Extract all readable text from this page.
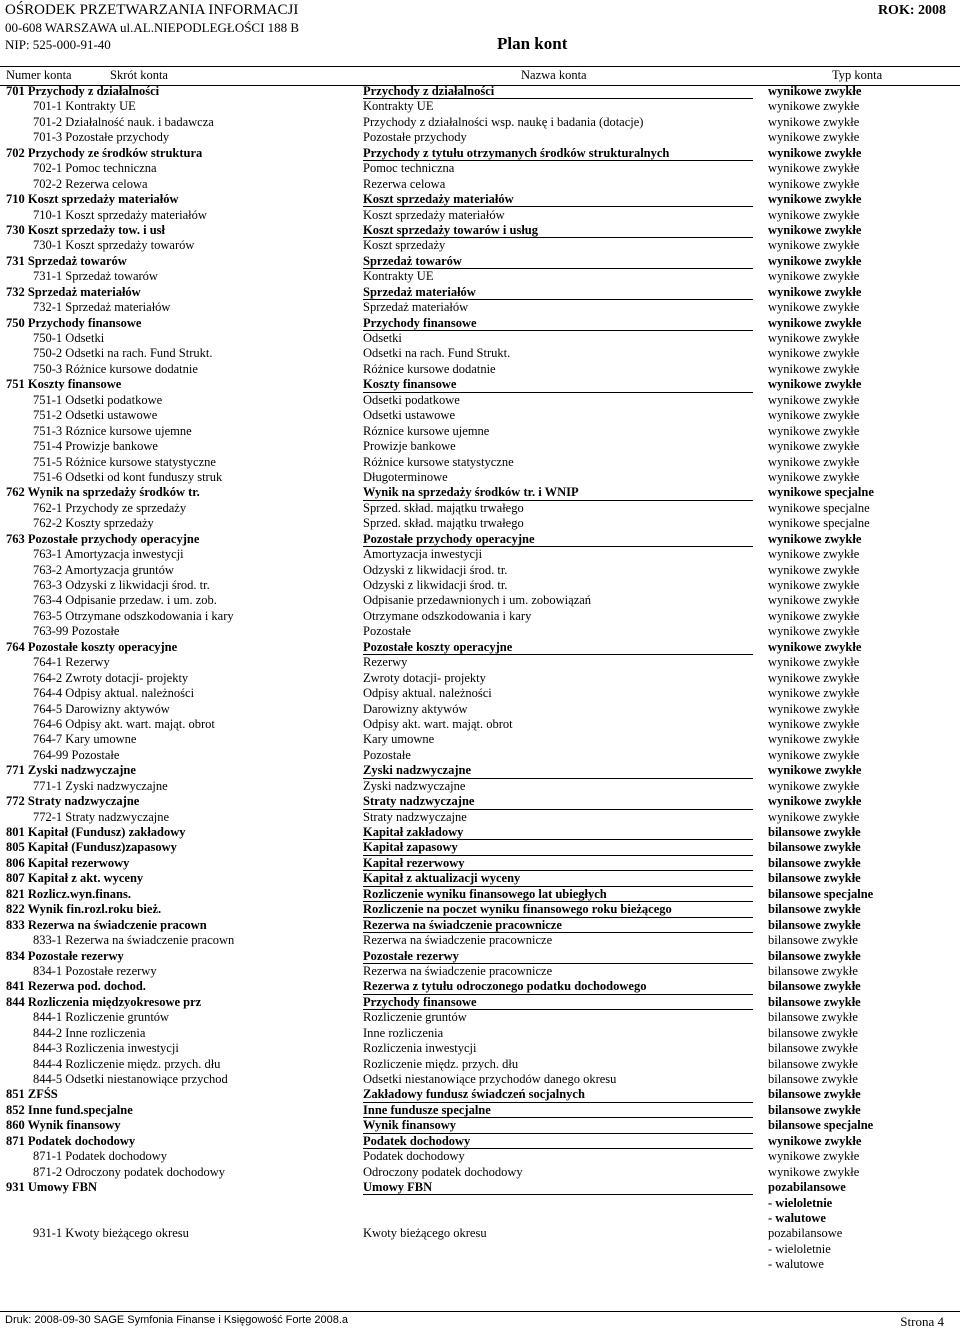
OŚRODEK PRZETWARZANIA INFORMACJI
00-608 WARSZAWA ul.AL.NIEPODLEGŁOŚCI 188 B
NIP: 525-000-91-40
ROK: 2008
Plan kont
Numer konta	Skrót konta	Nazwa konta	Typ konta
701 Przychody z działalności	Przychody z działalności	wynikowe zwykłe
701-1 Kontrakty UE	Kontrakty UE	wynikowe zwykłe
701-2 Działalność nauk. i badawcza	Przychody z działalności wsp. naukę i badania (dotacje)	wynikowe zwykłe
701-3 Pozostałe przychody	Pozostałe przychody	wynikowe zwykłe
702 Przychody ze środków struktura	Przychody z tytułu otrzymanych środków strukturalnych	wynikowe zwykłe
702-1 Pomoc techniczna	Pomoc techniczna	wynikowe zwykłe
702-2 Rezerwa celowa	Rezerwa celowa	wynikowe zwykłe
710 Koszt sprzedaży materiałów	Koszt sprzedaży materiałów	wynikowe zwykłe
710-1 Koszt sprzedaży materiałów	Koszt sprzedaży materiałów	wynikowe zwykłe
730 Koszt sprzedaży tow. i usł	Koszt sprzedaży towarów i usług	wynikowe zwykłe
730-1 Koszt sprzedaży towarów	Koszt sprzedaży	wynikowe zwykłe
731 Sprzedaż towarów	Sprzedaż towarów	wynikowe zwykłe
731-1 Sprzedaż towarów	Kontrakty UE	wynikowe zwykłe
732 Sprzedaż materiałów	Sprzedaż materiałów	wynikowe zwykłe
732-1 Sprzedaż materiałów	Sprzedaż materiałów	wynikowe zwykłe
750 Przychody finansowe	Przychody finansowe	wynikowe zwykłe
750-1 Odsetki	Odsetki	wynikowe zwykłe
750-2 Odsetki na rach. Fund Strukt.	Odsetki na rach. Fund Strukt.	wynikowe zwykłe
750-3 Różnice kursowe dodatnie	Różnice kursowe dodatnie	wynikowe zwykłe
751 Koszty finansowe	Koszty finansowe	wynikowe zwykłe
751-1 Odsetki podatkowe	Odsetki podatkowe	wynikowe zwykłe
751-2 Odsetki ustawowe	Odsetki ustawowe	wynikowe zwykłe
751-3 Róznice kursowe ujemne	Róznice kursowe ujemne	wynikowe zwykłe
751-4 Prowizje bankowe	Prowizje bankowe	wynikowe zwykłe
751-5 Różnice kursowe statystyczne	Różnice kursowe statystyczne	wynikowe zwykłe
751-6 Odsetki od kont funduszy struk	Długoterminowe	wynikowe zwykłe
762 Wynik na sprzedaży środków tr.	Wynik na sprzedaży środków tr. i WNIP	wynikowe specjalne
762-1 Przychody ze sprzedaży	Sprzed. skład. majątku trwałego	wynikowe specjalne
762-2 Koszty sprzedaży	Sprzed. skład. majątku trwałego	wynikowe specjalne
763 Pozostałe przychody operacyjne	Pozostałe przychody operacyjne	wynikowe zwykłe
763-1 Amortyzacja inwestycji	Amortyzacja inwestycji	wynikowe zwykłe
763-2 Amortyzacja gruntów	Odzyski z likwidacji środ. tr.	wynikowe zwykłe
763-3 Odzyski z likwidacji środ. tr.	Odzyski z likwidacji środ. tr.	wynikowe zwykłe
763-4 Odpisanie przedaw. i um. zob.	Odpisanie przedawnionych i um. zobowiązań	wynikowe zwykłe
763-5 Otrzymane odszkodowania i kary	Otrzymane odszkodowania i kary	wynikowe zwykłe
763-99 Pozostałe	Pozostałe	wynikowe zwykłe
764 Pozostałe koszty operacyjne	Pozostałe koszty operacyjne	wynikowe zwykłe
764-1 Rezerwy	Rezerwy	wynikowe zwykłe
764-2 Zwroty dotacji- projekty	Zwroty dotacji- projekty	wynikowe zwykłe
764-4 Odpisy aktual. należności	Odpisy aktual. należności	wynikowe zwykłe
764-5 Darowizny aktywów	Darowizny aktywów	wynikowe zwykłe
764-6 Odpisy akt. wart. mająt. obrot	Odpisy akt. wart. mająt. obrot	wynikowe zwykłe
764-7 Kary umowne	Kary umowne	wynikowe zwykłe
764-99 Pozostałe	Pozostałe	wynikowe zwykłe
771 Zyski nadzwyczajne	Zyski nadzwyczajne	wynikowe zwykłe
771-1 Zyski nadzwyczajne	Zyski nadzwyczajne	wynikowe zwykłe
772 Straty nadzwyczajne	Straty nadzwyczajne	wynikowe zwykłe
772-1 Straty nadzwyczajne	Straty nadzwyczajne	wynikowe zwykłe
801 Kapitał (Fundusz) zakładowy	Kapitał zakładowy	bilansowe zwykłe
805 Kapitał (Fundusz)zapasowy	Kapitał zapasowy	bilansowe zwykłe
806 Kapitał rezerwowy	Kapitał rezerwowy	bilansowe zwykłe
807 Kapitał z akt. wyceny	Kapitał z aktualizacji wyceny	bilansowe zwykłe
821 Rozlicz.wyn.finans.	Rozliczenie wyniku finansowego lat ubiegłych	bilansowe specjalne
822 Wynik fin.rozl.roku bież.	Rozliczenie na poczet wyniku finansowego roku bieżącego	bilansowe zwykłe
833 Rezerwa na świadczenie pracown	Rezerwa na świadczenie pracownicze	bilansowe zwykłe
833-1 Rezerwa na świadczenie pracown	Rezerwa na świadczenie pracownicze	bilansowe zwykłe
834 Pozostałe rezerwy	Pozostałe rezerwy	bilansowe zwykłe
834-1 Pozostałe rezerwy	Rezerwa na świadczenie pracownicze	bilansowe zwykłe
841 Rezerwa pod. dochod.	Rezerwa z tytułu odroczonego podatku dochodowego	bilansowe zwykłe
844 Rozliczenia międzyokresowe prz	Przychody finansowe	bilansowe zwykłe
844-1 Rozliczenie gruntów	Rozliczenie gruntów	bilansowe zwykłe
844-2 Inne rozliczenia	Inne rozliczenia	bilansowe zwykłe
844-3 Rozliczenia inwestycji	Rozliczenia inwestycji	bilansowe zwykłe
844-4 Rozliczenie międz. przych. dłu	Rozliczenie międz. przych. dłu	bilansowe zwykłe
844-5 Odsetki niestanowiące przychod	Odsetki niestanowiące przychodów danego okresu	bilansowe zwykłe
851 ZFŚS	Zakładowy fundusz świadczeń socjalnych	bilansowe zwykłe
852 Inne fund.specjalne	Inne fundusze specjalne	bilansowe zwykłe
860 Wynik finansowy	Wynik finansowy	bilansowe specjalne
871 Podatek dochodowy	Podatek dochodowy	wynikowe zwykłe
871-1 Podatek dochodowy	Podatek dochodowy	wynikowe zwykłe
871-2 Odroczony podatek dochodowy	Odroczony podatek dochodowy	wynikowe zwykłe
931 Umowy FBN	Umowy FBN	pozabilansowe
- wieloletnie
- walutowe
931-1 Kwoty bieżącego okresu	Kwoty bieżącego okresu	pozabilansowe
- wieloletnie
- walutowe
Druk: 2008-09-30 SAGE Symfonia Finanse i Księgowość Forte 2008.a	Strona 4
